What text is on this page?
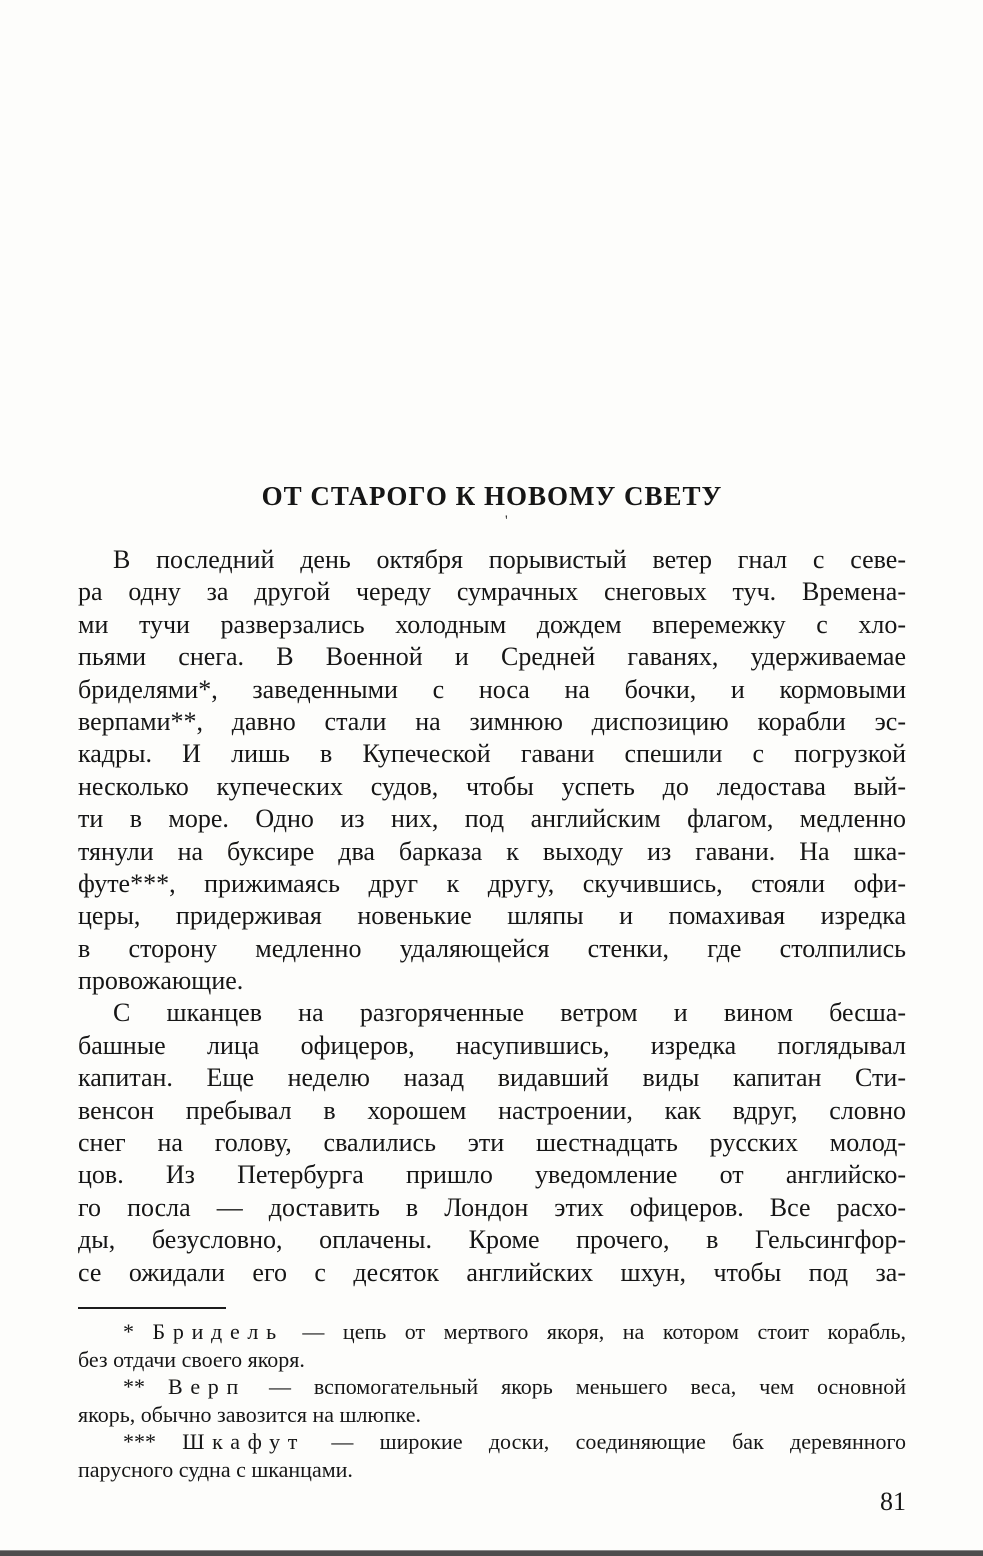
ОТ СТАРОГО К НОВОМУ СВЕТУ
В последний день октября порывистый ветер гнал с севе-
ра одну за другой череду сумрачных снеговых туч. Времена-
ми тучи разверзались холодным дождем вперемежку с хло-
пьями снега. В Военной и Средней гаванях, удерживаемае
бриделями*, заведенными с носа на бочки, и кормовыми
верпами**, давно стали на зимнюю диспозицию корабли эс-
кадры. И лишь в Купеческой гавани спешили с погрузкой
несколько купеческих судов, чтобы успеть до ледостава вый-
ти в море. Одно из них, под английским флагом, медленно
тянули на буксире два барказа к выходу из гавани. На шка-
футе***, прижимаясь друг к другу, скучившись, стояли офи-
церы, придерживая новенькие шляпы и помахивая изредка
в сторону медленно удаляющейся стенки, где столпились
провожающие.
С шканцев на разгоряченные ветром и вином бесша-
башные лица офицеров, насупившись, изредка поглядывал
капитан. Еще неделю назад видавший виды капитан Сти-
венсон пребывал в хорошем настроении, как вдруг, словно
снег на голову, свалились эти шестнадцать русских молод-
цов. Из Петербурга пришло уведомление от английско-
го посла — доставить в Лондон этих офицеров. Все расхо-
ды, безусловно, оплачены. Кроме прочего, в Гельсингфор-
се ожидали его с десяток английских шхун, чтобы под за-
* Бридель — цепь от мертвого якоря, на котором стоит корабль,
без отдачи своего якоря.
** Верп — вспомогательный якорь меньшего веса, чем основной
якорь, обычно завозится на шлюпке.
*** Шкафут — широкие доски, соединяющие бак деревянного
парусного судна с шканцами.
'
81
